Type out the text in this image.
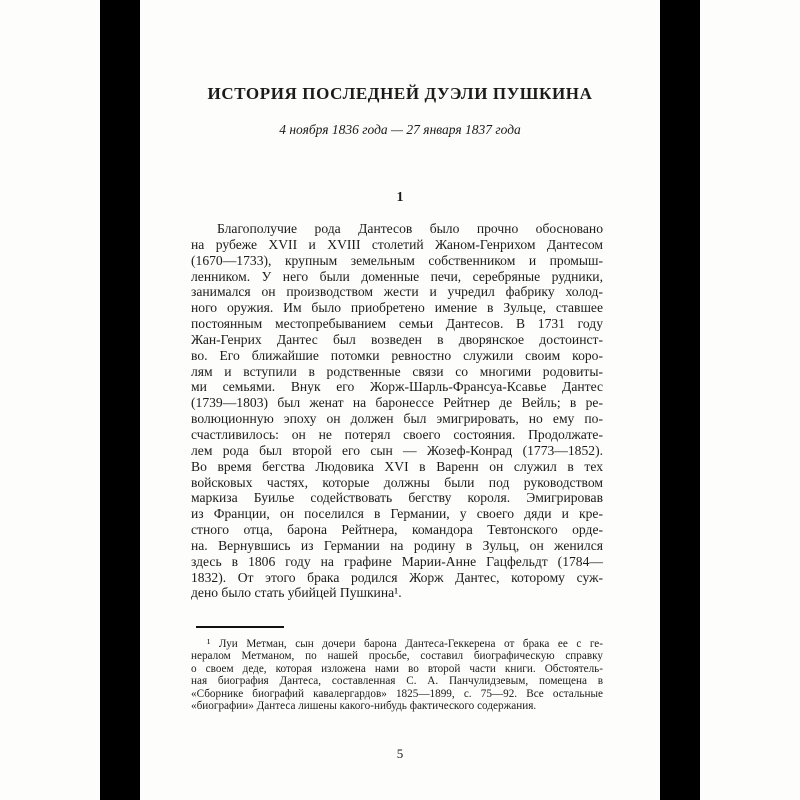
ИСТОРИЯ ПОСЛЕДНЕЙ ДУЭЛИ ПУШКИНА
4 ноября 1836 года — 27 января 1837 года
1
Благополучие рода Дантесов было прочно обосновано
на рубеже XVII и XVIII столетий Жаном-Генрихом Дантесом
(1670—1733), крупным земельным собственником и промыш-
ленником. У него были доменные печи, серебряные рудники,
занимался он производством жести и учредил фабрику холод-
ного оружия. Им было приобретено имение в Зульце, ставшее
постоянным местопребыванием семьи Дантесов. В 1731 году
Жан-Генрих Дантес был возведен в дворянское достоинст-
во. Его ближайшие потомки ревностно служили своим коро-
лям и вступили в родственные связи со многими родовиты-
ми семьями. Внук его Жорж-Шарль-Франсуа-Ксавье Дантес
(1739—1803) был женат на баронессе Рейтнер де Вейль; в ре-
волюционную эпоху он должен был эмигрировать, но ему по-
счастливилось: он не потерял своего состояния. Продолжате-
лем рода был второй его сын — Жозеф-Конрад (1773—1852).
Во время бегства Людовика XVI в Варенн он служил в тех
войсковых частях, которые должны были под руководством
маркиза Буилье содействовать бегству короля. Эмигрировав
из Франции, он поселился в Германии, у своего дяди и кре-
стного отца, барона Рейтнера, командора Тевтонского орде-
на. Вернувшись из Германии на родину в Зульц, он женился
здесь в 1806 году на графине Марии-Анне Гацфельдт (1784—
1832). От этого брака родился Жорж Дантес, которому суж-
дено было стать убийцей Пушкина¹.
¹ Луи Метман, сын дочери барона Дантеса-Геккерена от брака ее с ге-
нералом Метманом, по нашей просьбе, составил биографическую справку
о своем деде, которая изложена нами во второй части книги. Обстоятель-
ная биография Дантеса, составленная С. А. Панчулидзевым, помещена в
«Сборнике биографий кавалергардов» 1825—1899, с. 75—92. Все остальные
«биографии» Дантеса лишены какого-нибудь фактического содержания.
5
